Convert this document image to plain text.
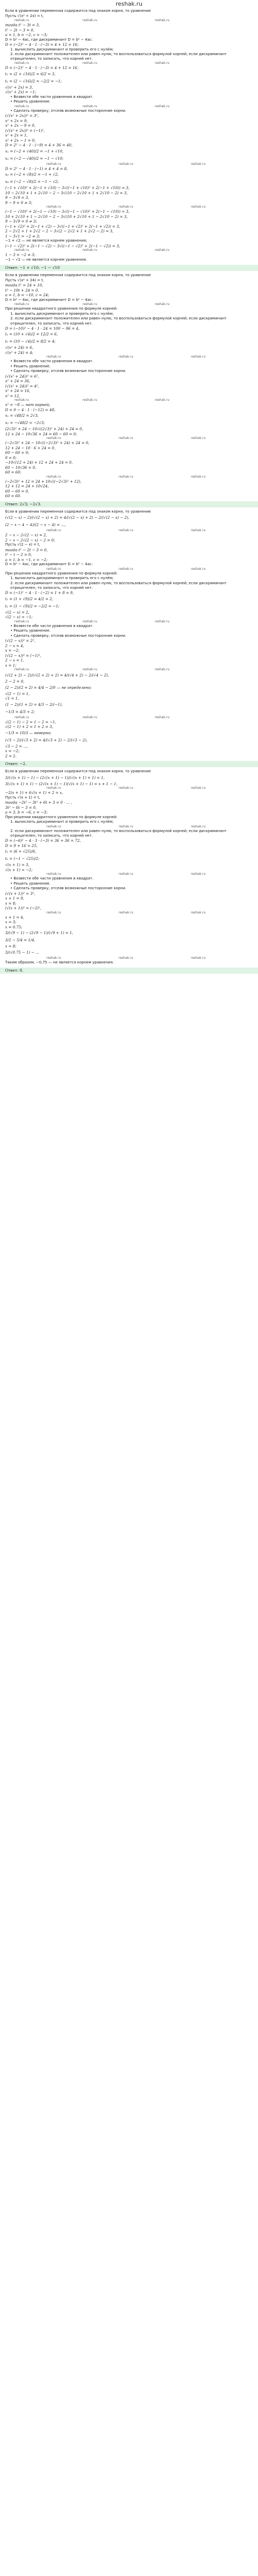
reshak.ru
Если в уравнении переменная содержится под знаком корня, то уравнение
Пусть √(x² + 2x) = t,
reshak.ru	reshak.ru	reshak.ru
тогда t² − 3t = 3,
t² − 2t − 3 = 0,
a = 1, b = −2, c = −3;
D = b² − 4ac, где дискриминант D = b² − 4ac:
D = (−2)² − 4 · 1 · (−3) = 4 + 12 = 16;
1. вычислить дискриминант и проверить его с нулём;
2. если дискриминант положителен или равен нулю, то воспользоваться формулой корней; если дискриминант отрицателен, то записать, что корней нет.
reshak.ru	reshak.ru	reshak.ru
D = (−2)² − 4 · 1 · (−3) = 4 + 12 = 16,
t₁ = (2 + √16)/2 = 6/2 = 3,
t₂ = (2 − √16)/2 = −2/2 = −1;
√(x² + 2x) = 3,
√(x² + 2x) = −1;
• Возвести обе части уравнения в квадрат.
• Решить уравнение.
reshak.ru	reshak.ru	reshak.ru
• Сделать проверку, отсеяв возможные посторонние корни.
(√(x² + 2x))² = 3²,
x² + 2x = 9,
x² + 2x − 9 = 0,
(√(x² + 2x))² = (−1)²,
x² + 2x = 1,
x² + 2x − 1 = 0;
D = 2² − 4 · 1 · (−9) = 4 + 36 = 40,
x₁ = (−2 + √40)/2 = −1 + √10,
x₂ = (−2 − √40)/2 = −1 − √10;
reshak.ru	reshak.ru	reshak.ru
D = 2² − 4 · 1 · (−1) = 4 + 4 = 8,
x₃ = (−2 + √8)/2 = −1 + √2,
x₄ = (−2 − √8)/2 = −1 − √2;
(−1 + √10)² + 2(−1 + √10) − 3√((−1 + √10)² + 2(−1 + √10)) = 3,
10 − 2√10 + 1 + 2√10 − 2 − 3√(10 − 2√10 + 1 + 2√10 − 2) = 3,
9 − 3√9 = 3,
9 − 9 = 0 ≠ 3;
reshak.ru	reshak.ru	reshak.ru
(−1 − √10)² + 2(−1 − √10) − 3√((−1 − √10)² + 2(−1 − √10)) = 3,
10 + 2√10 + 1 − 2√10 − 2 − 3√(10 + 2√10 + 1 − 2√10 − 2) = 3,
9 − 3√9 = 0 ≠ 3;
(−1 + √2)² + 2(−1 + √2) − 3√((−1 + √2)² + 2(−1 + √2)) = 3,
2 − 2√2 + 1 + 2√2 − 2 − 3√(2 − 2√2 + 1 + 2√2 − 2) = 3,
1 − 3√1 = −2 ≠ 3;
−1 + √2 — не является корнем уравнения;
(−1 − √2)² + 2(−1 − √2) − 3√((−1 − √2)² + 2(−1 − √2)) = 3,
reshak.ru	reshak.ru	reshak.ru
1 − 3 = −2 ≠ 3;
−1 − √2 — не является корнем уравнения.
Ответ: −1 + √10; −1 − √10
Если в уравнении переменная содержится под знаком корня, то уравнение
Пусть √(x² + 24) = t,
тогда t² = 24 + 10,
t² − 10t + 24 = 0,
a = 1, b = −10, c = 24;
D = b² − 4ac, где дискриминант D = b² − 4ac:
reshak.ru	reshak.ru	reshak.ru
При решении квадратного уравнения по формуле корней:
1. вычислить дискриминант и проверить его с нулём;
2. если дискриминант положителен или равен нулю, то воспользоваться формулой корней; если дискриминант отрицателен, то записать, что корней нет.
D = (−10)² − 4 · 1 · 24 = 100 − 96 = 4,
t₁ = (10 + √4)/2 = 12/2 = 6,
t₂ = (10 − √4)/2 = 8/2 = 4;
√(x² + 24) = 6,
√(x² + 24) = 4;
reshak.ru	reshak.ru	reshak.ru
• Возвести обе части уравнения в квадрат.
• Решить уравнение.
• Сделать проверку, отсеяв возможные посторонние корни.
(√(x² + 24))² = 6²,
x² + 24 = 36,
(√(x² + 24))² = 4²,
x² + 24 = 16,
x² = 12,
reshak.ru	reshak.ru	reshak.ru
x² = −8 — нет корней;
D = 0 − 4 · 1 · (−12) = 48,
x₁ = √48/2 = 2√3,
x₂ = −√48/2 = −2√3;
(2√3)² + 24 − 10√((2√3)² + 24) + 24 = 0,
12 + 24 − 10√36 + 24 = 60 − 60 = 0;
reshak.ru	reshak.ru	reshak.ru
(−2√3)² + 24 − 10√((−2√3)² + 24) + 24 = 0,
12 + 24 − 10 · 6 + 24 = 0,
60 − 60 = 0;
0 = 0;
−10√(12 + 24) + 12 + 24 + 24 = 0,
60 − 10√36 = 0,
60 = 60;
reshak.ru	reshak.ru	reshak.ru
(−2√3)² + 12 = 24 + 10√((−2√3)² + 12),
12 + 12 = 24 + 10√24,
60 − 60 = 0,
60 = 60.
Ответ: 2√3; −2√3.
Если в уравнении переменная содержится под знаком корня, то уравнение
(√(2 − x) − 2)/(√(2 − x) + 2) = 4/(√(2 − x) + 2) − 2/(√(2 − x) − 2),
(2 − x − 4 − 4)/(2 − x − 4) = ...,
reshak.ru	reshak.ru	reshak.ru
2 − x − 2√(2 − x) = 2,
2 − x − 2√(2 − x) − 2 = 0;
Пусть √(2 − x) = t,
тогда t² − 2t − 3 = 0,
t² − t − 2 = 0,
a = 1, b = −1, c = −2;
D = b² − 4ac, где дискриминант D = b² − 4ac:
reshak.ru	reshak.ru	reshak.ru
При решении квадратного уравнения по формуле корней:
1. вычислить дискриминант и проверить его с нулём;
2. если дискриминант положителен или равен нулю, то воспользоваться формулой корней; если дискриминант отрицателен, то записать, что корней нет.
D = (−1)² − 4 · 1 · (−2) = 1 + 8 = 9,
t₁ = (1 + √9)/2 = 4/2 = 2,
t₂ = (1 − √9)/2 = −2/2 = −1;
√(2 − x) = 2,
√(2 − x) = −1;
reshak.ru	reshak.ru	reshak.ru
• Возвести обе части уравнения в квадрат.
• Решить уравнение.
• Сделать проверку, отсеяв возможные посторонние корни.
(√(2 − x))² = 2²,
2 − x = 4,
x = −2;
(√(2 − x))² = (−1)²,
2 − x = 1,
x = 1;
reshak.ru	reshak.ru	reshak.ru
(√(2 + 2) − 2)/(√(2 + 2) + 2) = 4/(√4 + 2) − 2/(√4 − 2),
2 − 2 = 0,
(2 − 2)/(2 + 2) = 4/4 − 2/0 — не определено;
√(2 − 1) = 1,
√1 = 1,
(1 − 2)/(1 + 2) = 4/3 − 2/(−1),
−1/3 = 4/3 + 2;
reshak.ru	reshak.ru	reshak.ru
√(2 − 1) − 2 = 1 − 2 = −1,
√(2 − 1) + 2 = 1 + 2 = 3,
−1/3 = 10/3 — неверно;
(√3 − 2)/(√3 + 2) = 4/(√3 + 2) − 2/(√3 − 2),
√3 − 2 = ...,
x = −2;
2 = 2.
Ответ: −2.
Если в уравнении переменная содержится под знаком корня, то уравнение
3/(√(x + 1) − 1) − (2√(x + 1) − 1)/(√(x + 1) + 1) = 1,
3(√(x + 1) + 1) − (2√(x + 1) − 1)(√(x + 1) − 1) = x + 1 − 1,
reshak.ru	reshak.ru	reshak.ru
−2(x + 1) + 6√(x + 1) + 2 = x,
Пусть √(x + 1) = t,
тогда −2t² − 3t² + 6t + 3 = 0 · ... ,
3t² − 6t − 3 = 0,
a = 3, b = −6, c = −3;
При решении квадратного уравнения по формуле корней:
1. вычислить дискриминант и проверить его с нулём;
reshak.ru	reshak.ru	reshak.ru
2. если дискриминант положителен или равен нулю, то воспользоваться формулой корней; если дискриминант отрицателен, то записать, что корней нет.
D = (−6)² − 4 · 3 · (−3) = 36 + 36 = 72,
D = 9 + 16 = 25,
t₁ = (6 + √25)/6,
t₂ = (−1 − √25)/2;
√(x + 1) = 3,
√(x + 1) = −2;
reshak.ru	reshak.ru	reshak.ru
• Возвести обе части уравнения в квадрат.
• Решить уравнение.
• Сделать проверку, отсеяв возможные посторонние корни.
(√(x + 1))² = 3²,
x + 1 = 9,
x = 8;
(√(x + 1))² = (−2)²,
reshak.ru	reshak.ru	reshak.ru
x + 1 = 4,
x = 3;
x = 0.75;
3/(√9 − 1) − (2√9 − 1)/(√9 + 1) = 1,
3/2 − 5/4 = 1/4,
x = 8;
3/(√0.75 − 1) − ...
reshak.ru	reshak.ru	reshak.ru
Таким образом, −0,75 — не является корнем уравнения.
Ответ: 8.
